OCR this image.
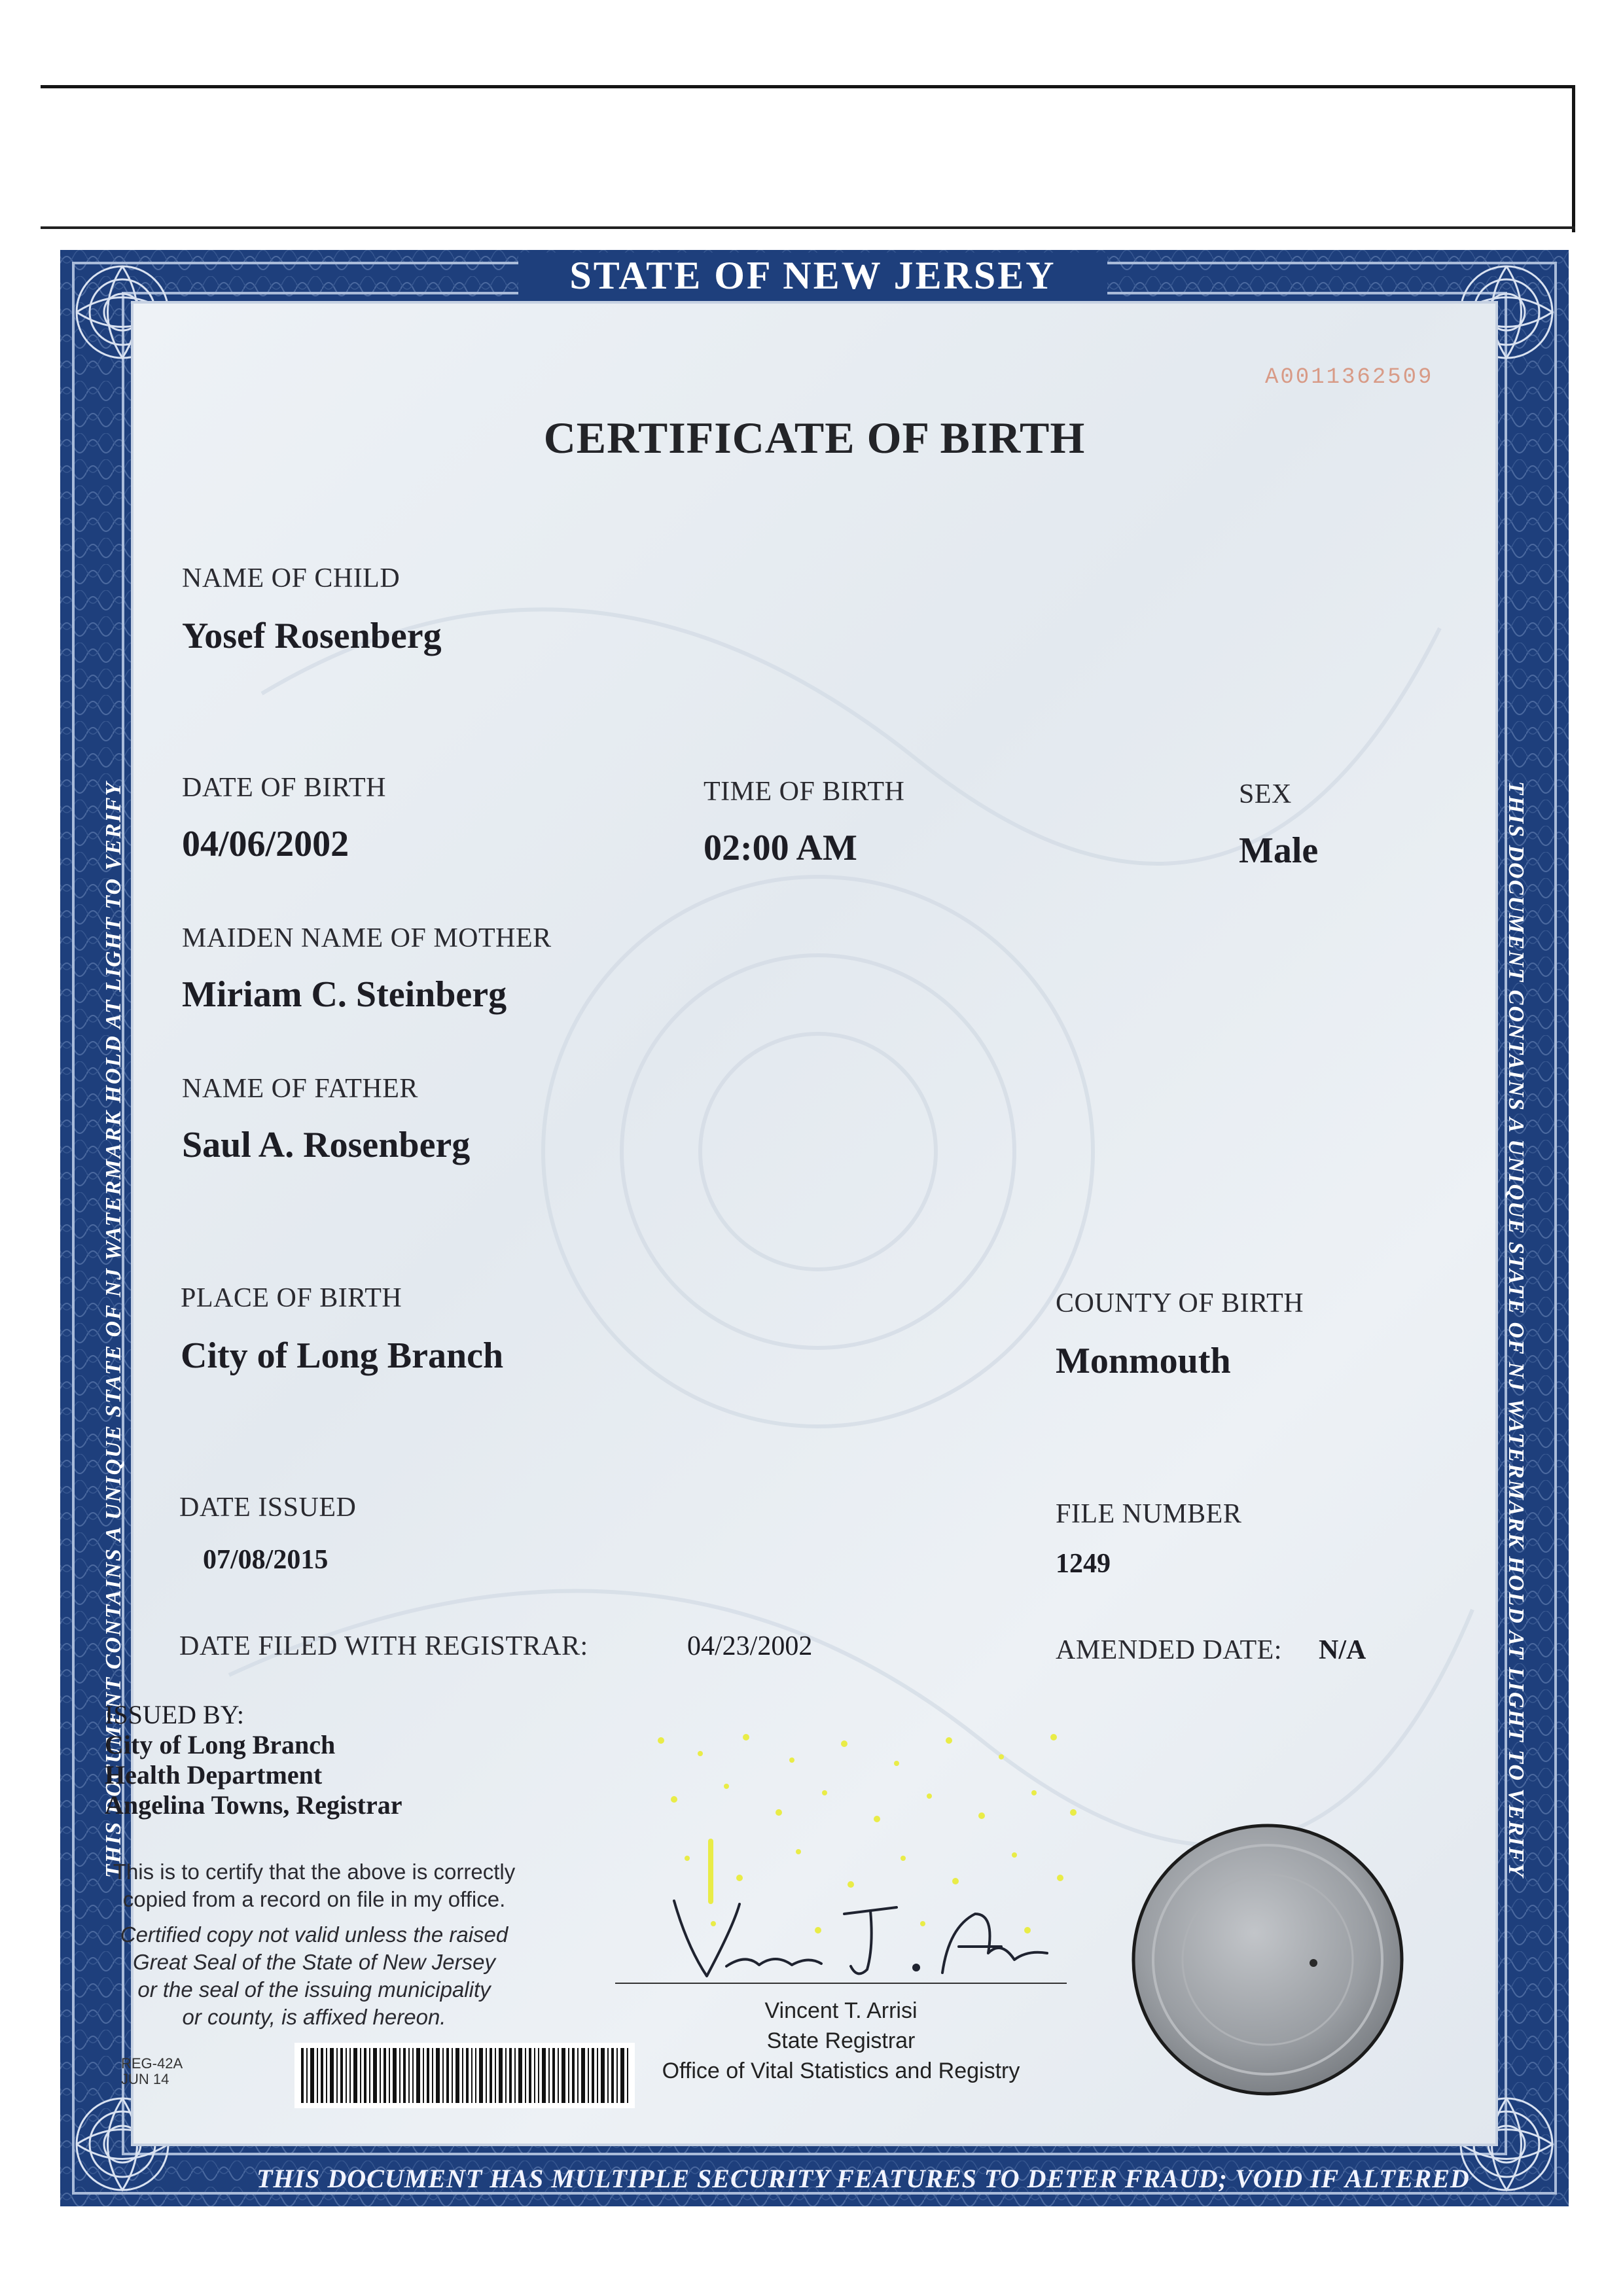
STATE OF NEW JERSEY
THIS DOCUMENT CONTAINS A UNIQUE STATE OF NJ WATERMARK HOLD AT LIGHT TO VERIFY	THIS DOCUMENT CONTAINS A UNIQUE STATE OF NJ WATERMARK HOLD AT LIGHT TO VERIFY
THIS DOCUMENT HAS MULTIPLE SECURITY FEATURES TO DETER FRAUD; VOID IF ALTERED
A0011362509
CERTIFICATE OF BIRTH
NAME OF CHILD
Yosef Rosenberg
DATE OF BIRTH
04/06/2002
TIME OF BIRTH
02:00 AM
SEX
Male
MAIDEN NAME OF MOTHER
Miriam C. Steinberg
NAME OF FATHER
Saul A. Rosenberg
PLACE OF BIRTH
City of Long Branch
COUNTY OF BIRTH
Monmouth
DATE ISSUED
07/08/2015
FILE NUMBER
1249
DATE FILED WITH REGISTRAR:	04/23/2002	AMENDED DATE: N/A
ISSUED BY:
City of Long Branch
Health Department
Angelina Towns, Registrar
This is to certify that the above is correctly
copied from a record on file in my office.
Certified copy not valid unless the raised
Great Seal of the State of New Jersey
or the seal of the issuing municipality
or county, is affixed hereon.
REG-42A
JUN 14
Vincent T. Arrisi
State Registrar
Office of Vital Statistics and Registry
